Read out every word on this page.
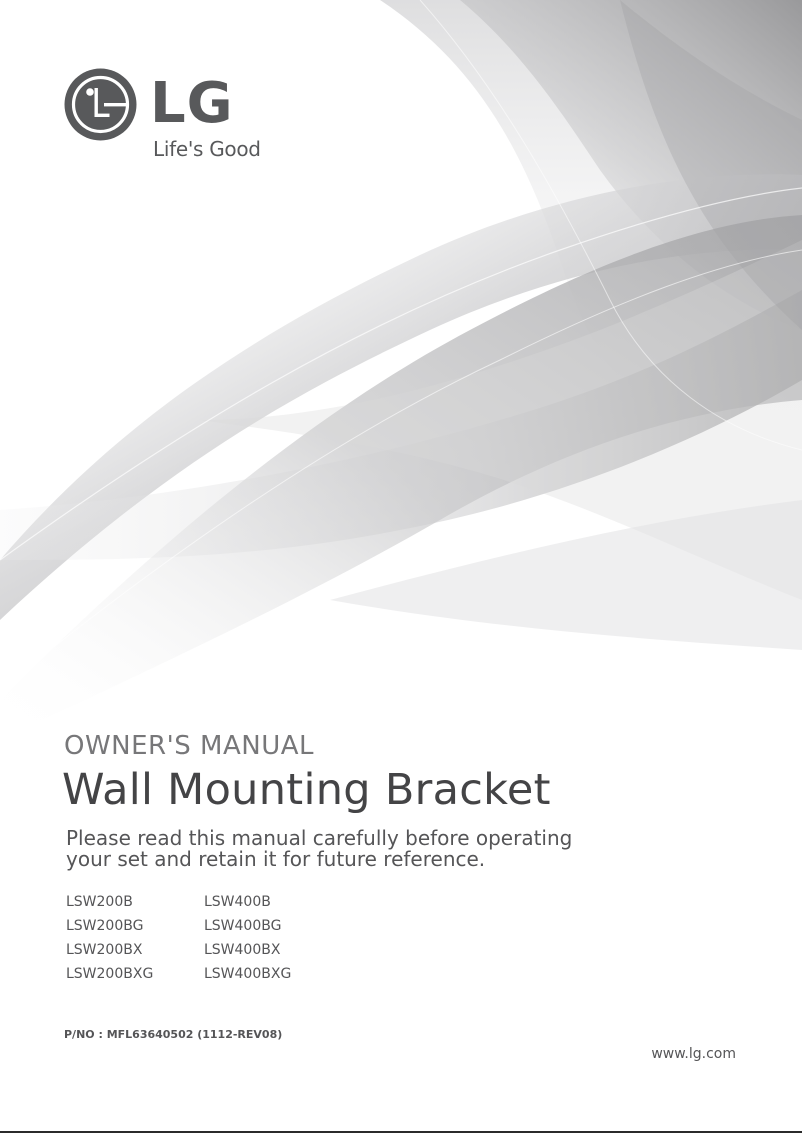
LG
Life's Good
OWNER'S MANUAL
Wall Mounting Bracket
Please read this manual carefully before operating
your set and retain it for future reference.
LSW200B
LSW200BG
LSW200BX
LSW200BXG
LSW400B
LSW400BG
LSW400BX
LSW400BXG
P/NO : MFL63640502 (1112-REV08)
www.lg.com
